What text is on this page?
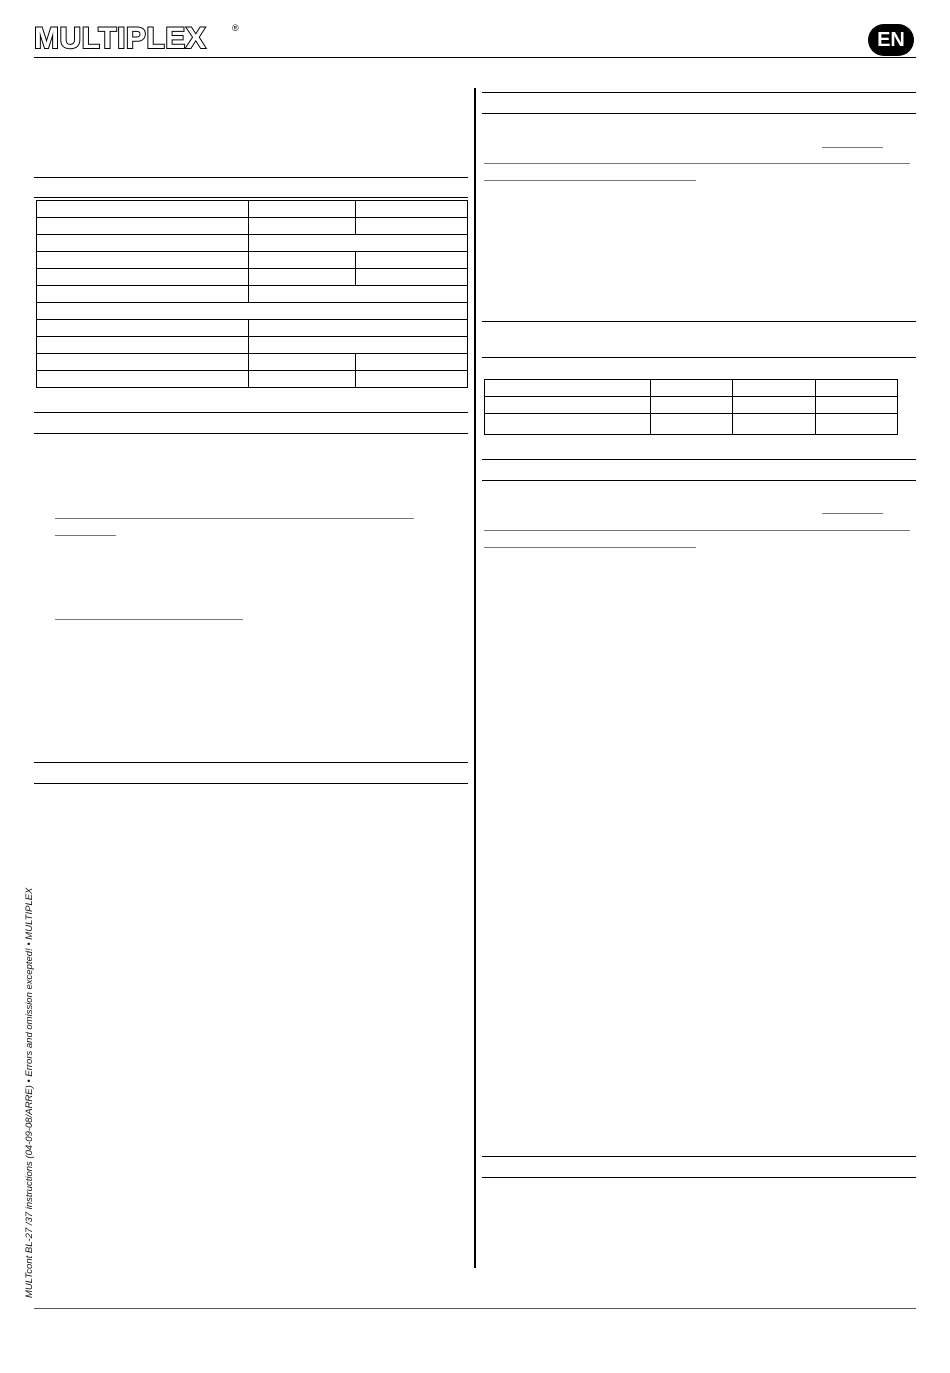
MULTIPLEX	®
EN

MULTcont BL-27 /37 instructions (04-09-08/ARRE) • Errors and omission excepted! • MULTIPLEX
